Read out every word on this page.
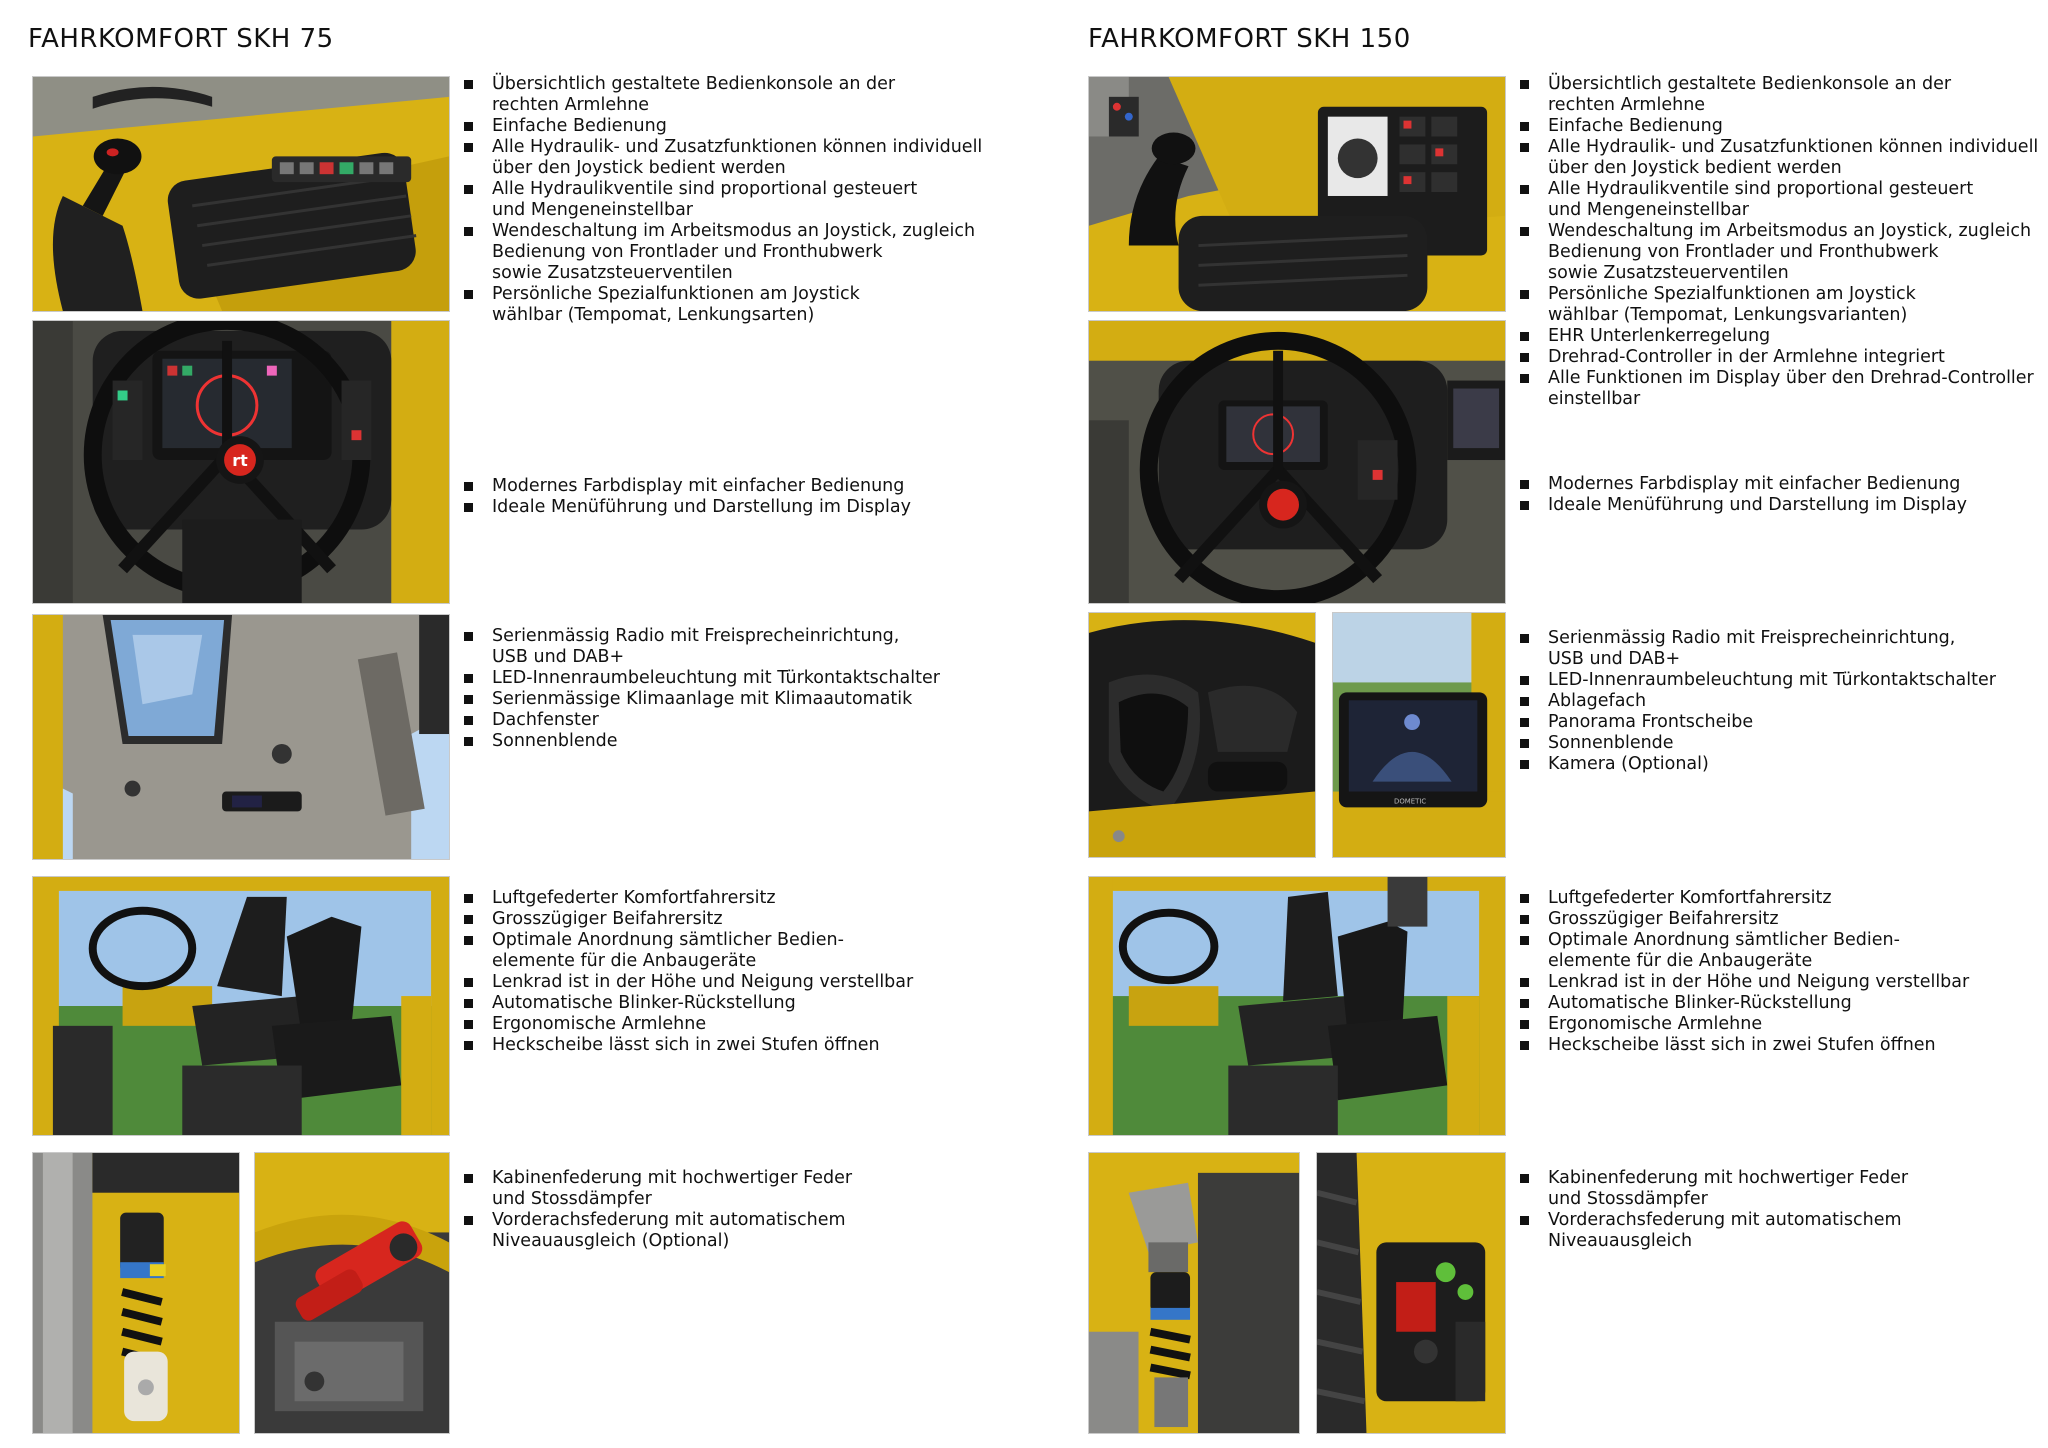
FAHRKOMFORT SKH 75
Übersichtlich gestaltete Bedienkonsole an der
rechten Armlehne
Einfache Bedienung
Alle Hydraulik- und Zusatzfunktionen können individuell
über den Joystick bedient werden
Alle Hydraulikventile sind proportional gesteuert
und Mengeneinstellbar
Wendeschaltung im Arbeitsmodus an Joystick, zugleich
Bedienung von Frontlader und Fronthubwerk
sowie Zusatzsteuerventilen
Persönliche Spezialfunktionen am Joystick
wählbar (Tempomat, Lenkungsarten)
rt
Modernes Farbdisplay mit einfacher Bedienung
Ideale Menüführung und Darstellung im Display
Serienmässig Radio mit Freisprecheinrichtung,
USB und DAB+
LED-Innenraumbeleuchtung mit Türkontaktschalter
Serienmässige Klimaanlage mit Klimaautomatik
Dachfenster
Sonnenblende
Luftgefederter Komfortfahrersitz
Grosszügiger Beifahrersitz
Optimale Anordnung sämtlicher Bedien-
elemente für die Anbaugeräte
Lenkrad ist in der Höhe und Neigung verstellbar
Automatische Blinker-Rückstellung
Ergonomische Armlehne
Heckscheibe lässt sich in zwei Stufen öffnen
Kabinenfederung mit hochwertiger Feder
und Stossdämpfer
Vorderachsfederung mit automatischem
Niveauausgleich (Optional)
FAHRKOMFORT SKH 150
Übersichtlich gestaltete Bedienkonsole an der
rechten Armlehne
Einfache Bedienung
Alle Hydraulik- und Zusatzfunktionen können individuell
über den Joystick bedient werden
Alle Hydraulikventile sind proportional gesteuert
und Mengeneinstellbar
Wendeschaltung im Arbeitsmodus an Joystick, zugleich
Bedienung von Frontlader und Fronthubwerk
sowie Zusatzsteuerventilen
Persönliche Spezialfunktionen am Joystick
wählbar (Tempomat, Lenkungsvarianten)
EHR Unterlenkerregelung
Drehrad-Controller in der Armlehne integriert
Alle Funktionen im Display über den Drehrad-Controller
einstellbar
Modernes Farbdisplay mit einfacher Bedienung
Ideale Menüführung und Darstellung im Display
DOMETIC
Serienmässig Radio mit Freisprecheinrichtung,
USB und DAB+
LED-Innenraumbeleuchtung mit Türkontaktschalter
Ablagefach
Panorama Frontscheibe
Sonnenblende
Kamera (Optional)
Luftgefederter Komfortfahrersitz
Grosszügiger Beifahrersitz
Optimale Anordnung sämtlicher Bedien-
elemente für die Anbaugeräte
Lenkrad ist in der Höhe und Neigung verstellbar
Automatische Blinker-Rückstellung
Ergonomische Armlehne
Heckscheibe lässt sich in zwei Stufen öffnen
Kabinenfederung mit hochwertiger Feder
und Stossdämpfer
Vorderachsfederung mit automatischem
Niveauausgleich
